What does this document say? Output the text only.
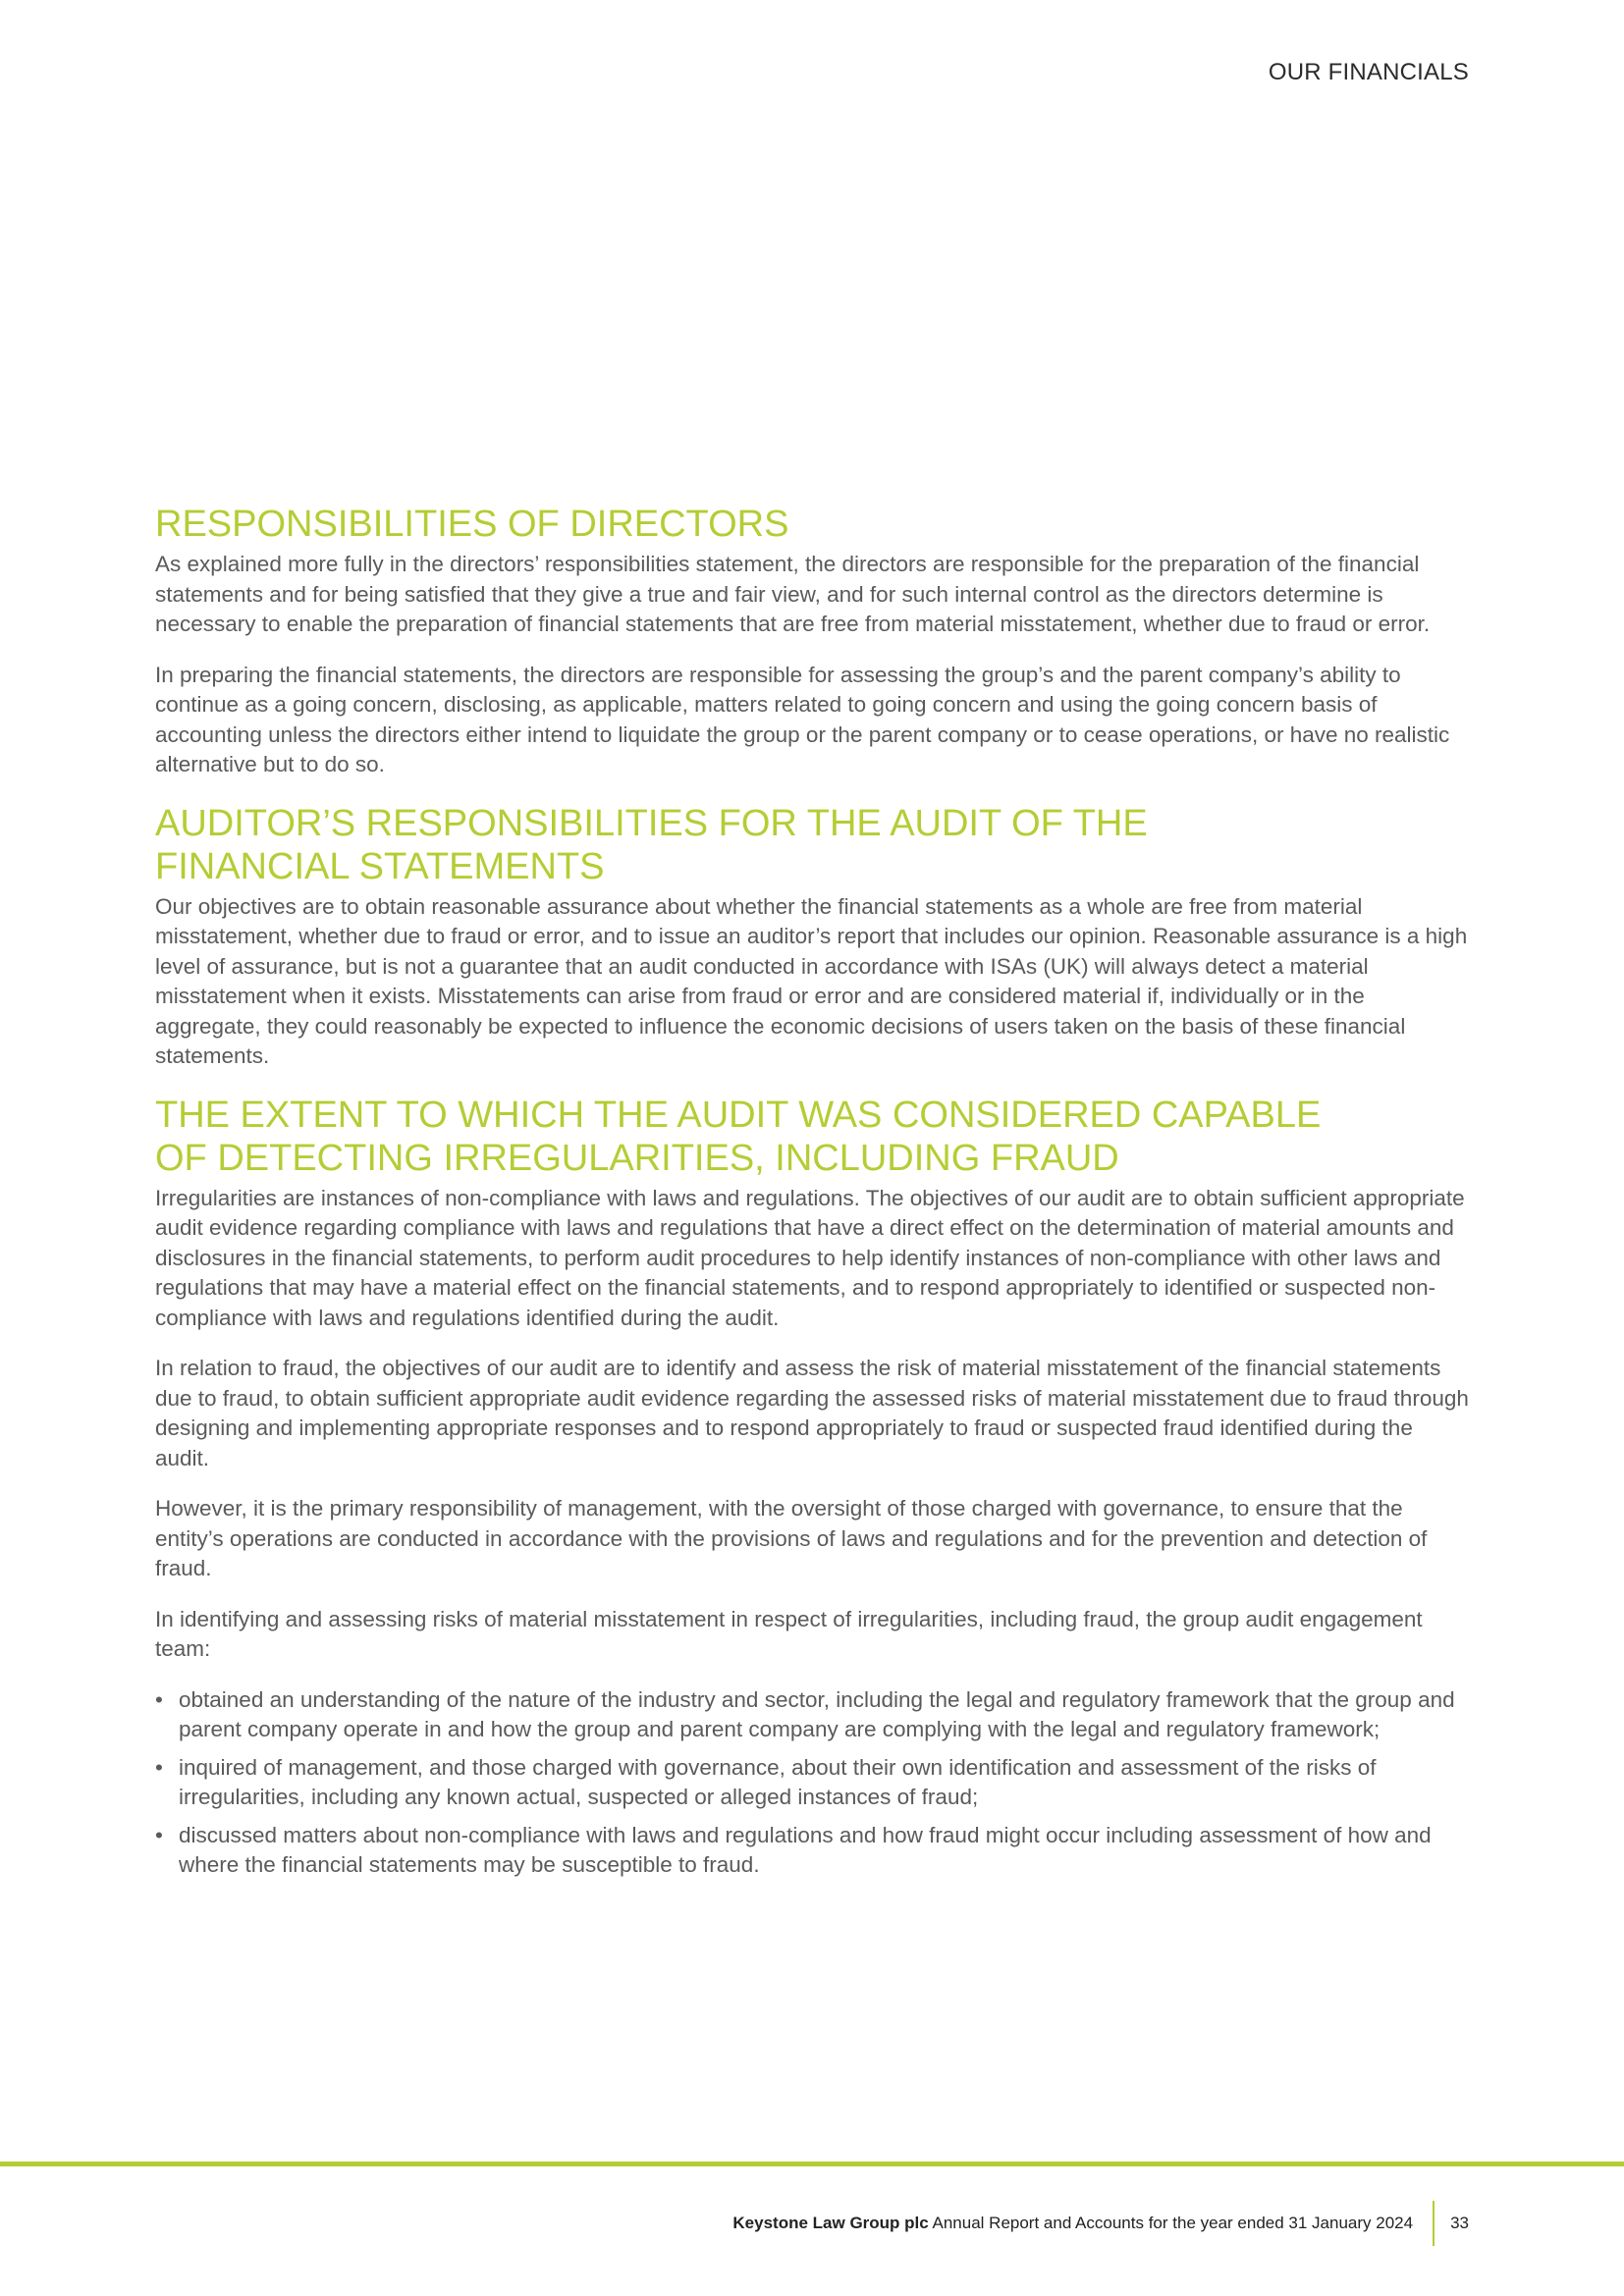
OUR FINANCIALS
RESPONSIBILITIES OF DIRECTORS

As explained more fully in the directors’ responsibilities statement, the directors are responsible for the preparation of the financial statements and for being satisfied that they give a true and fair view, and for such internal control as the directors determine is necessary to enable the preparation of financial statements that are free from material misstatement, whether due to fraud or error.

In preparing the financial statements, the directors are responsible for assessing the group’s and the parent company’s ability to continue as a going concern, disclosing, as applicable, matters related to going concern and using the going concern basis of accounting unless the directors either intend to liquidate the group or the parent company or to cease operations, or have no realistic alternative but to do so.

AUDITOR’S RESPONSIBILITIES FOR THE AUDIT OF THE
FINANCIAL STATEMENTS

Our objectives are to obtain reasonable assurance about whether the financial statements as a whole are free from material misstatement, whether due to fraud or error, and to issue an auditor’s report that includes our opinion. Reasonable assurance is a high level of assurance, but is not a guarantee that an audit conducted in accordance with ISAs (UK) will always detect a material misstatement when it exists. Misstatements can arise from fraud or error and are considered material if, individually or in the aggregate, they could reasonably be expected to influence the economic decisions of users taken on the basis of these financial statements.

THE EXTENT TO WHICH THE AUDIT WAS CONSIDERED CAPABLE
OF DETECTING IRREGULARITIES, INCLUDING FRAUD

Irregularities are instances of non-compliance with laws and regulations. The objectives of our audit are to obtain sufficient appropriate audit evidence regarding compliance with laws and regulations that have a direct effect on the determination of material amounts and disclosures in the financial statements, to perform audit procedures to help identify instances of non-compliance with other laws and regulations that may have a material effect on the financial statements, and to respond appropriately to identified or suspected non-compliance with laws and regulations identified during the audit.

In relation to fraud, the objectives of our audit are to identify and assess the risk of material misstatement of the financial statements due to fraud, to obtain sufficient appropriate audit evidence regarding the assessed risks of material misstatement due to fraud through designing and implementing appropriate responses and to respond appropriately to fraud or suspected fraud identified during the audit.

However, it is the primary responsibility of management, with the oversight of those charged with governance, to ensure that the entity’s operations are conducted in accordance with the provisions of laws and regulations and for the prevention and detection of fraud.

In identifying and assessing risks of material misstatement in respect of irregularities, including fraud, the group audit engagement team:

• obtained an understanding of the nature of the industry and sector, including the legal and regulatory framework that the group and parent company operate in and how the group and parent company are complying with the legal and regulatory framework;
• inquired of management, and those charged with governance, about their own identification and assessment of the risks of irregularities, including any known actual, suspected or alleged instances of fraud;
• discussed matters about non-compliance with laws and regulations and how fraud might occur including assessment of how and where the financial statements may be susceptible to fraud.
Keystone Law Group plc Annual Report and Accounts for the year ended 31 January 2024 33
